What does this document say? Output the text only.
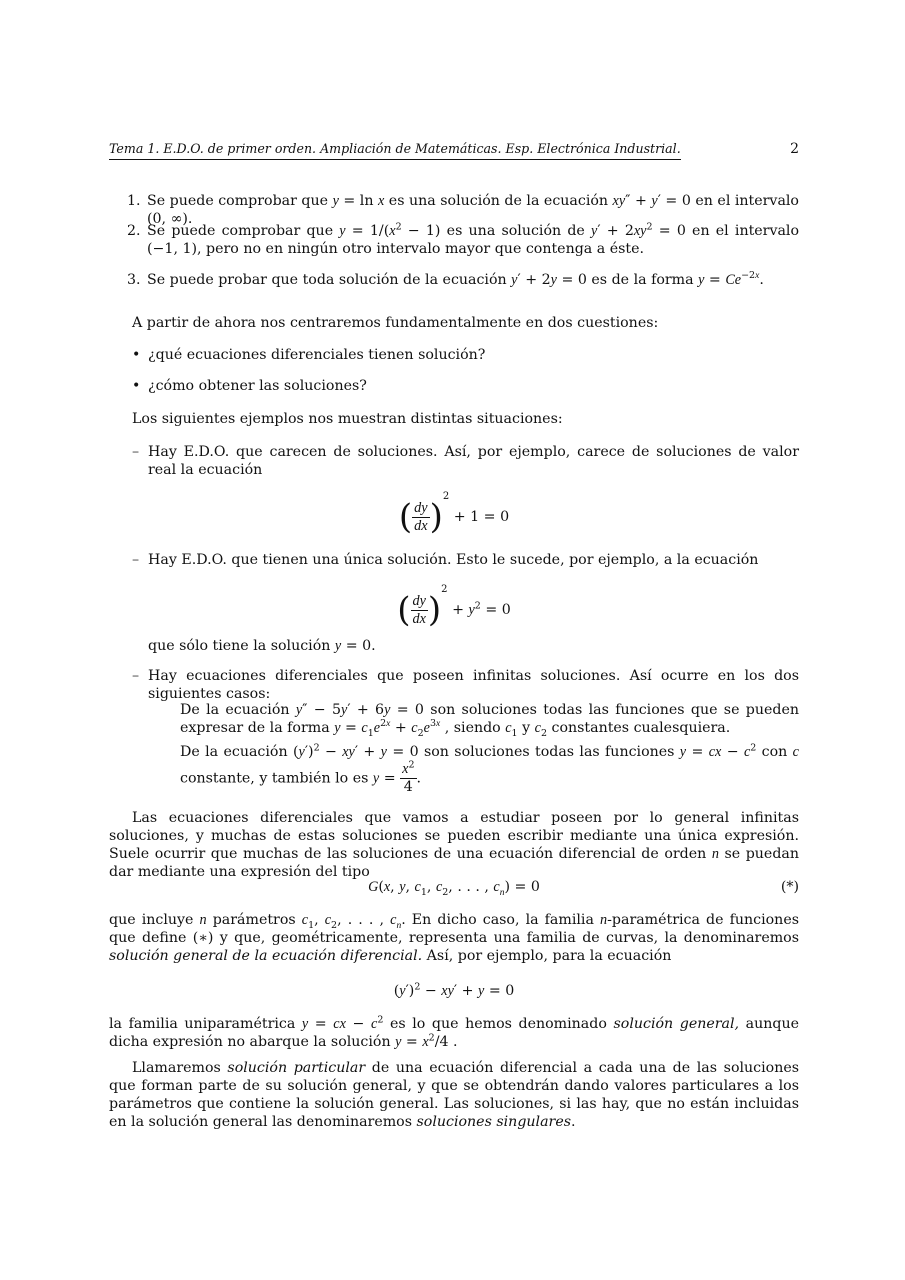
Tema 1. E.D.O. de primer orden. Ampliación de Matemáticas. Esp. Electrónica Industrial.	2
1. Se puede comprobar que y = ln x es una solución de la ecuación xy″ + y′ = 0 en el intervalo (0, ∞).
2. Se puede comprobar que $y = 1/(x^2 - 1)$ es una solución de $y' + 2xy^2 = 0$ en el intervalo (−1, 1), pero no en ningún otro intervalo mayor que contenga a éste.
3. Se puede probar que toda solución de la ecuación y′ + 2y = 0 es de la forma $y = Ce^{-2x}$.
A partir de ahora nos centraremos fundamentalmente en dos cuestiones:
• ¿qué ecuaciones diferenciales tienen solución?
• ¿cómo obtener las soluciones?
Los siguientes ejemplos nos muestran distintas situaciones:
– Hay E.D.O. que carecen de soluciones. Así, por ejemplo, carece de soluciones de valor real la ecuación
( $\frac{dy}{dx} )^2 + 1 = 0$
– Hay E.D.O. que tienen una única solución. Esto le sucede, por ejemplo, a la ecuación
( $\frac{dy}{dx} )^2 + y^2 = 0$
que sólo tiene la solución y = 0.
– Hay ecuaciones diferenciales que poseen infinitas soluciones. Así ocurre en los dos siguientes casos:
De la ecuación y″ − 5y′ + 6y = 0 son soluciones todas las funciones que se pueden expresar de la forma $y = c_1e^{2x} + c_2e^{3x}$ , siendo $c_1$ y $c_2$ constantes cualesquiera.
De la ecuación $(y')^2 - xy' + y = 0$ son soluciones todas las funciones y = cx − $c^2$ con c constante, y también lo es $y = \frac{x^2}{4}$ .
Las ecuaciones diferenciales que vamos a estudiar poseen por lo general infinitas soluciones, y muchas de estas soluciones se pueden escribir mediante una única expresión. Suele ocurrir que muchas de las soluciones de una ecuación diferencial de orden n se puedan dar mediante una expresión del tipo
G(x, y, $c_1$, $c_2$, . . . , $c_n) = 0$	(*)
que incluye n parámetros $c_1$, $c_2$, . . . , $c_n$. En dicho caso, la familia n-paramétrica de funciones que define (∗) y que, geométricamente, representa una familia de curvas, la denominaremos solución general de la ecuación diferencial. Así, por ejemplo, para la ecuación
$(y')^2 - xy' + y = 0$
la familia uniparamétrica y = cx − $c^2$ es lo que hemos denominado solución general, aunque dicha expresión no abarque la solución $y = x^2/4$ .
Llamaremos solución particular de una ecuación diferencial a cada una de las soluciones que forman parte de su solución general, y que se obtendrán dando valores particulares a los parámetros que contiene la solución general. Las soluciones, si las hay, que no están incluidas en la solución general las denominaremos soluciones singulares.
